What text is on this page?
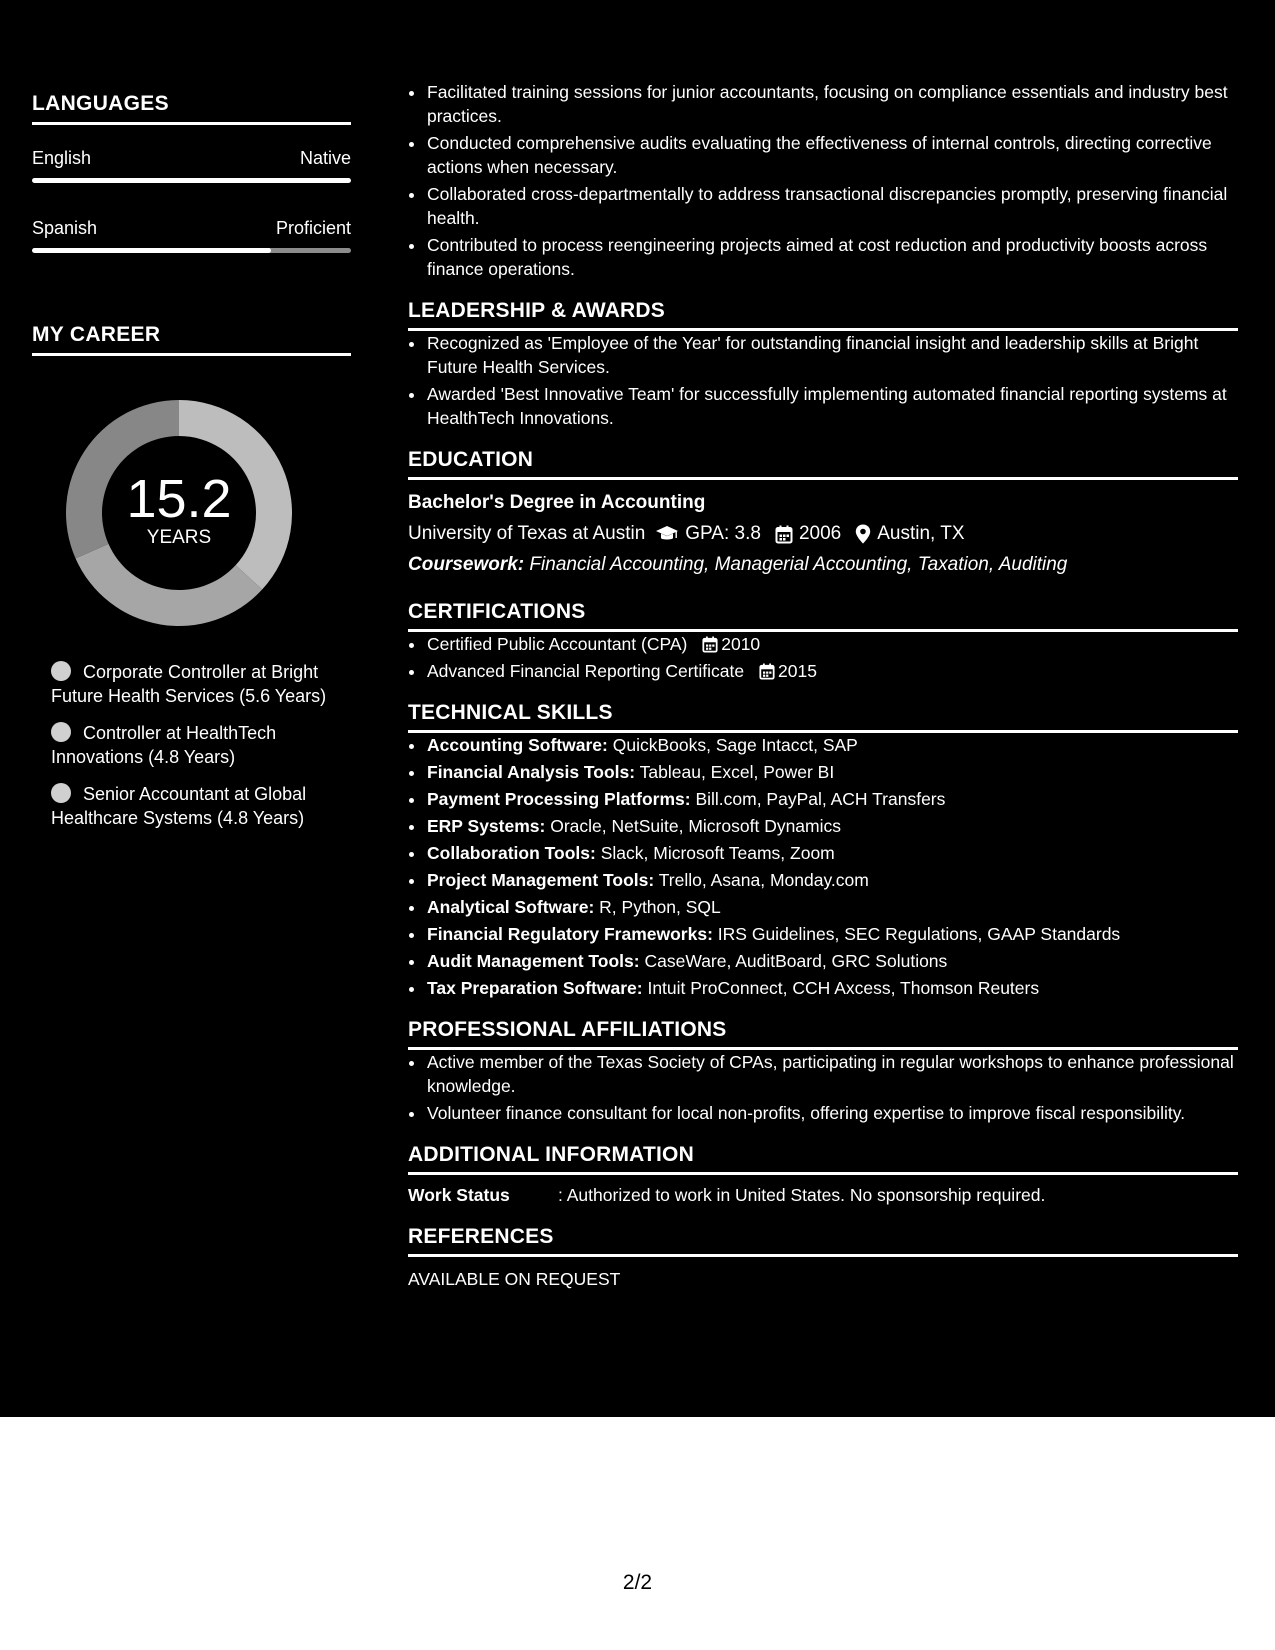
LANGUAGES
English	Native
Spanish	Proficient
MY CAREER
15.2
YEARS
Corporate Controller at Bright Future Health Services (5.6 Years)
Controller at HealthTech Innovations (4.8 Years)
Senior Accountant at Global Healthcare Systems (4.8 Years)
• Facilitated training sessions for junior accountants, focusing on compliance essentials and industry best practices.
• Conducted comprehensive audits evaluating the effectiveness of internal controls, directing corrective actions when necessary.
• Collaborated cross-departmentally to address transactional discrepancies promptly, preserving financial health.
• Contributed to process reengineering projects aimed at cost reduction and productivity boosts across finance operations.
LEADERSHIP & AWARDS
• Recognized as 'Employee of the Year' for outstanding financial insight and leadership skills at Bright Future Health Services.
• Awarded 'Best Innovative Team' for successfully implementing automated financial reporting systems at HealthTech Innovations.
EDUCATION
Bachelor's Degree in Accounting
University of Texas at Austin GPA: 3.8 2006 Austin, TX
Coursework: Financial Accounting, Managerial Accounting, Taxation, Auditing
CERTIFICATIONS
• Certified Public Accountant (CPA) 2010
• Advanced Financial Reporting Certificate 2015
TECHNICAL SKILLS
• Accounting Software: QuickBooks, Sage Intacct, SAP
• Financial Analysis Tools: Tableau, Excel, Power BI
• Payment Processing Platforms: Bill.com, PayPal, ACH Transfers
• ERP Systems: Oracle, NetSuite, Microsoft Dynamics
• Collaboration Tools: Slack, Microsoft Teams, Zoom
• Project Management Tools: Trello, Asana, Monday.com
• Analytical Software: R, Python, SQL
• Financial Regulatory Frameworks: IRS Guidelines, SEC Regulations, GAAP Standards
• Audit Management Tools: CaseWare, AuditBoard, GRC Solutions
• Tax Preparation Software: Intuit ProConnect, CCH Axcess, Thomson Reuters
PROFESSIONAL AFFILIATIONS
• Active member of the Texas Society of CPAs, participating in regular workshops to enhance professional knowledge.
• Volunteer finance consultant for local non-profits, offering expertise to improve fiscal responsibility.
ADDITIONAL INFORMATION
Work Status	: Authorized to work in United States. No sponsorship required.
REFERENCES
AVAILABLE ON REQUEST
2/2
